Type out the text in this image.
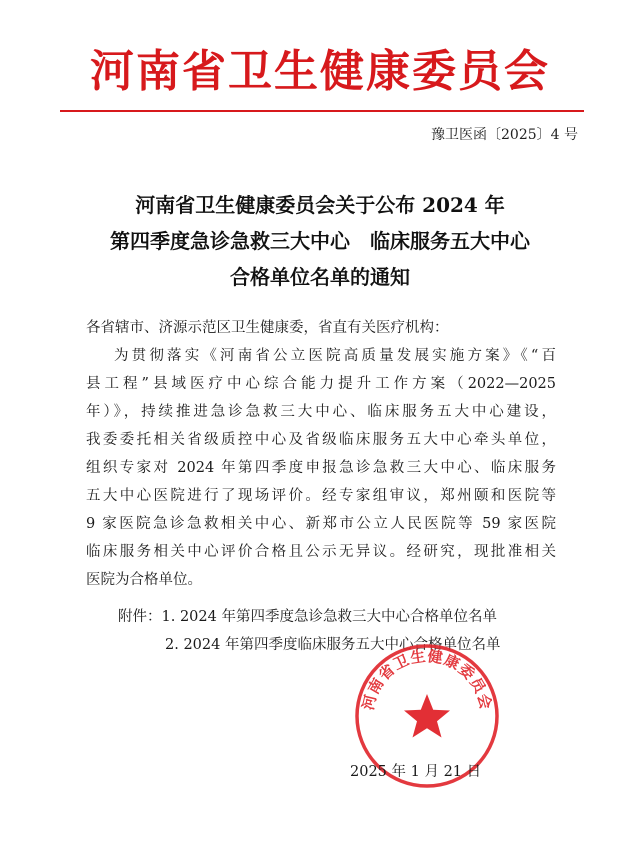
河南省卫生健康委员会
豫卫医函〔2025〕4 号
河南省卫生健康委员会关于公布 2024 年
第四季度急诊急救三大中心　临床服务五大中心
合格单位名单的通知
各省辖市、济源示范区卫生健康委，省直有关医疗机构：
为贯彻落实《河南省公立医院高质量发展实施方案》《“百
县工程”县域医疗中心综合能力提升工作方案（2022—2025
年）》，持续推进急诊急救三大中心、临床服务五大中心建设，
我委委托相关省级质控中心及省级临床服务五大中心牵头单位，
组织专家对 2024 年第四季度申报急诊急救三大中心、临床服务
五大中心医院进行了现场评价。经专家组审议，郑州颐和医院等
9 家医院急诊急救相关中心、新郑市公立人民医院等 59 家医院
临床服务相关中心评价合格且公示无异议。经研究，现批准相关
医院为合格单位。
附件：1. 2024 年第四季度急诊急救三大中心合格单位名单
2. 2024 年第四季度临床服务五大中心合格单位名单
河南省卫生健康委员会
2025 年 1 月 21 日
